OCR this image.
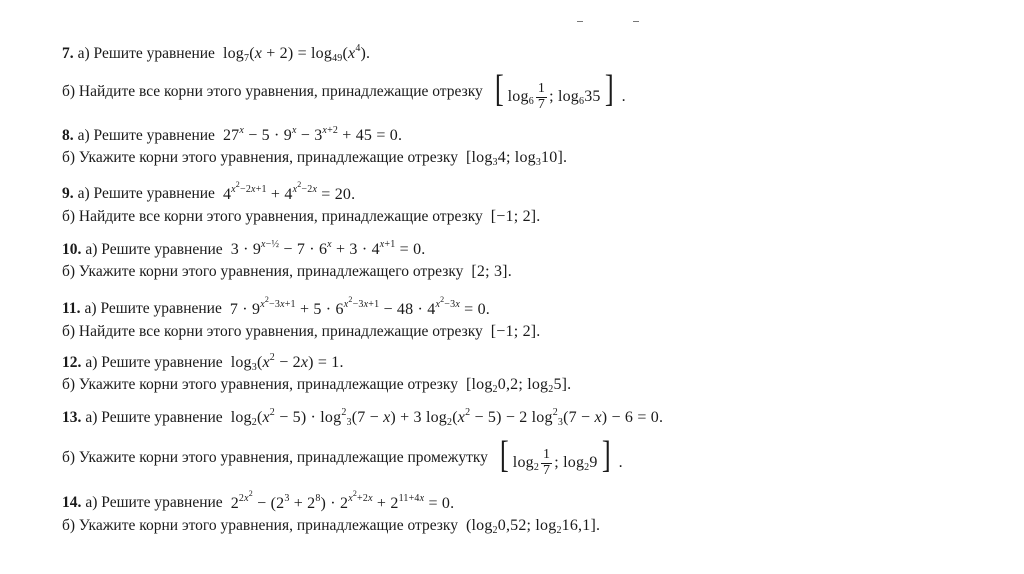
7. а) Решите уравнение $\log_7(x + 2) = \log_{49}(x^4)$.
б) Найдите все корни этого уравнения, принадлежащие отрезку [ $\log_6 \frac{1}{7}$ ; $\log_635$ ] .
8. а) Решите уравнение $27^x - 5 \cdot 9^x - 3^{x+2} + 45 = 0$.
б) Укажите корни этого уравнения, принадлежащие отрезку [$\log_34$; $\log_310$].
9. а) Решите уравнение $4^{x^2-2x+1} + 4^{x^2-2x} = 20$.
б) Найдите все корни этого уравнения, принадлежащие отрезку [−1; 2].
10. а) Решите уравнение $3 \cdot 9^{x-\frac{1}{2}} - 7 \cdot 6^x + 3 \cdot 4^{x+1} = 0$.
б) Укажите корни этого уравнения, принадлежащего отрезку [2; 3].
11. а) Решите уравнение $7 \cdot 9^{x^2-3x+1} + 5 \cdot 6^{x^2-3x+1} - 48 \cdot 4^{x^2-3x} = 0$.
б) Найдите все корни этого уравнения, принадлежащие отрезку [−1; 2].
12. а) Решите уравнение $\log_3(x^2 - 2x) = 1$.
б) Укажите корни этого уравнения, принадлежащие отрезку [$\log_20,2$; $\log_25$].
13. а) Решите уравнение $\log_2(x^2 - 5) \cdot \log^2_3(7 - x) + 3$ $\log_2(x^2 - 5) - 2$ $\log^2_3(7 - x) - 6 = 0$.
б) Укажите корни этого уравнения, принадлежащие промежутку [ $\log_2 \frac{1}{7}$ ; $\log_29$ ] .
14. а) Решите уравнение $2^{2x^2} - (2^3 + 2^8) \cdot 2^{x^2+2x} + 2^{11+4x} = 0$.
б) Укажите корни этого уравнения, принадлежащие отрезку ($\log_20,52$; $\log_216,1$].
